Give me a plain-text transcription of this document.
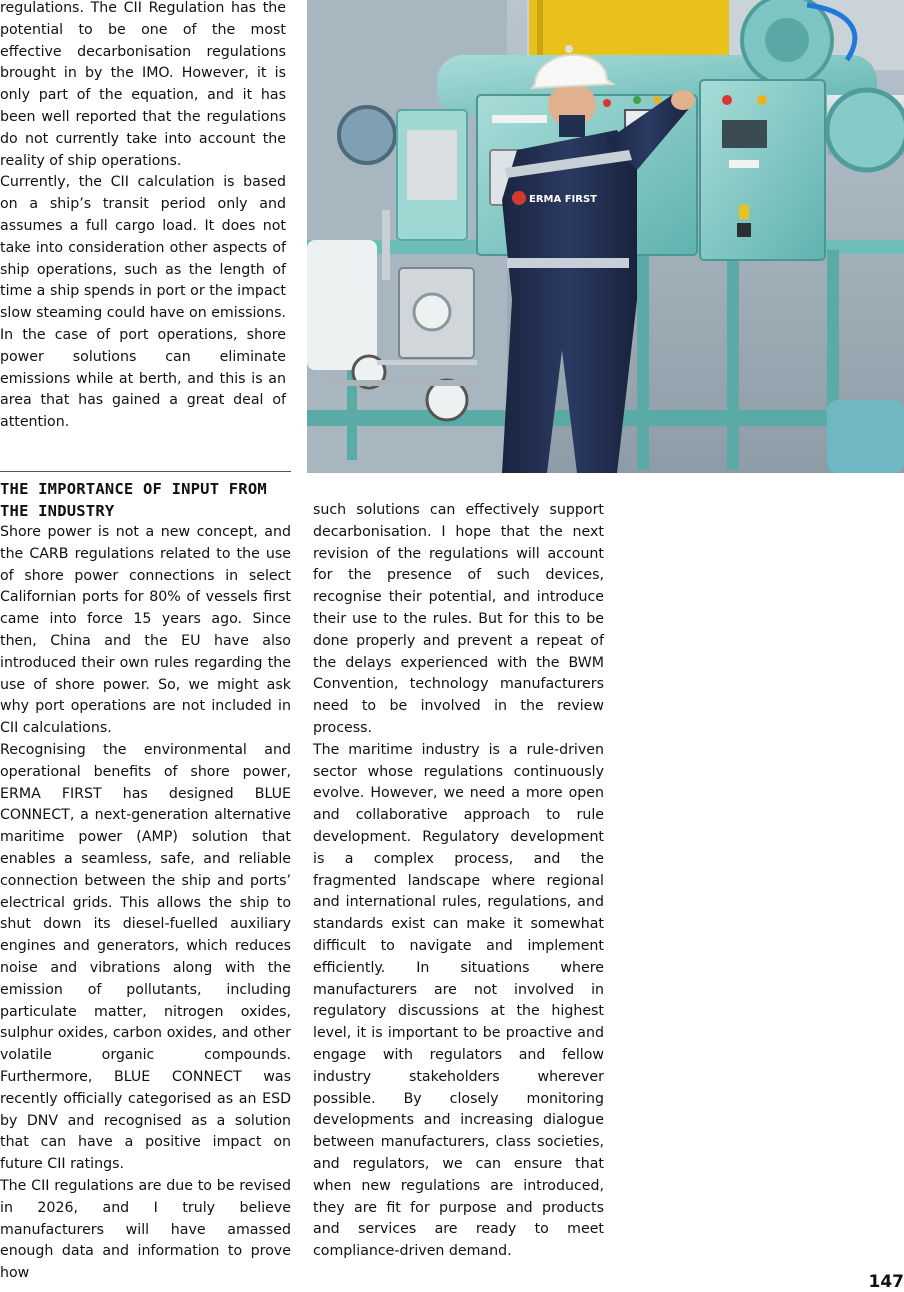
regulations. The CII Regulation has the potential to be one of the most effective decarbonisation regulations brought in by the IMO. However, it is only part of the equation, and it has been well reported that the regulations do not currently take into account the reality of ship operations.

Currently, the CII calculation is based on a ship’s transit period only and assumes a full cargo load. It does not take into consideration other aspects of ship operations, such as the length of time a ship spends in port or the impact slow steaming could have on emissions.

In the case of port operations, shore power solutions can eliminate emissions while at berth, and this is an area that has gained a great deal of attention.

THE IMPORTANCE OF INPUT FROM THE INDUSTRY

Shore power is not a new concept, and the CARB regulations related to the use of shore power connections in select Californian ports for 80% of vessels first came into force 15 years ago. Since then, China and the EU have also introduced their own rules regarding the use of shore power. So, we might ask why port operations are not included in CII calculations.

Recognising the environmental and operational benefits of shore power, ERMA FIRST has designed BLUE CONNECT, a next-generation alternative maritime power (AMP) solution that enables a seamless, safe, and reliable connection between the ship and ports’ electrical grids. This allows the ship to shut down its diesel-fuelled auxiliary engines and generators, which reduces noise and vibrations along with the emission of pollutants, including particulate matter, nitrogen oxides, sulphur oxides, carbon oxides, and other volatile organic compounds. Furthermore, BLUE CONNECT was recently officially categorised as an ESD by DNV and recognised as a solution that can have a positive impact on future CII ratings.

The CII regulations are due to be revised in 2026, and I truly believe manufacturers will have amassed enough data and information to prove how

such solutions can effectively support decarbonisation. I hope that the next revision of the regulations will account for the presence of such devices, recognise their potential, and introduce their use to the rules. But for this to be done properly and prevent a repeat of the delays experienced with the BWM Convention, technology manufacturers need to be involved in the review process.

The maritime industry is a rule-driven sector whose regulations continuously evolve. However, we need a more open and collaborative approach to rule development. Regulatory development is a complex process, and the fragmented landscape where regional and international rules, regulations, and standards exist can make it somewhat difficult to navigate and implement efficiently. In situations where manufacturers are not involved in regulatory discussions at the highest level, it is important to be proactive and engage with regulators and fellow industry stakeholders wherever possible. By closely monitoring developments and increasing dialogue between manufacturers, class societies, and regulators, we can ensure that when new regulations are introduced, they are fit for purpose and products and services are ready to meet compliance-driven demand.

ERMA FIRST
147
